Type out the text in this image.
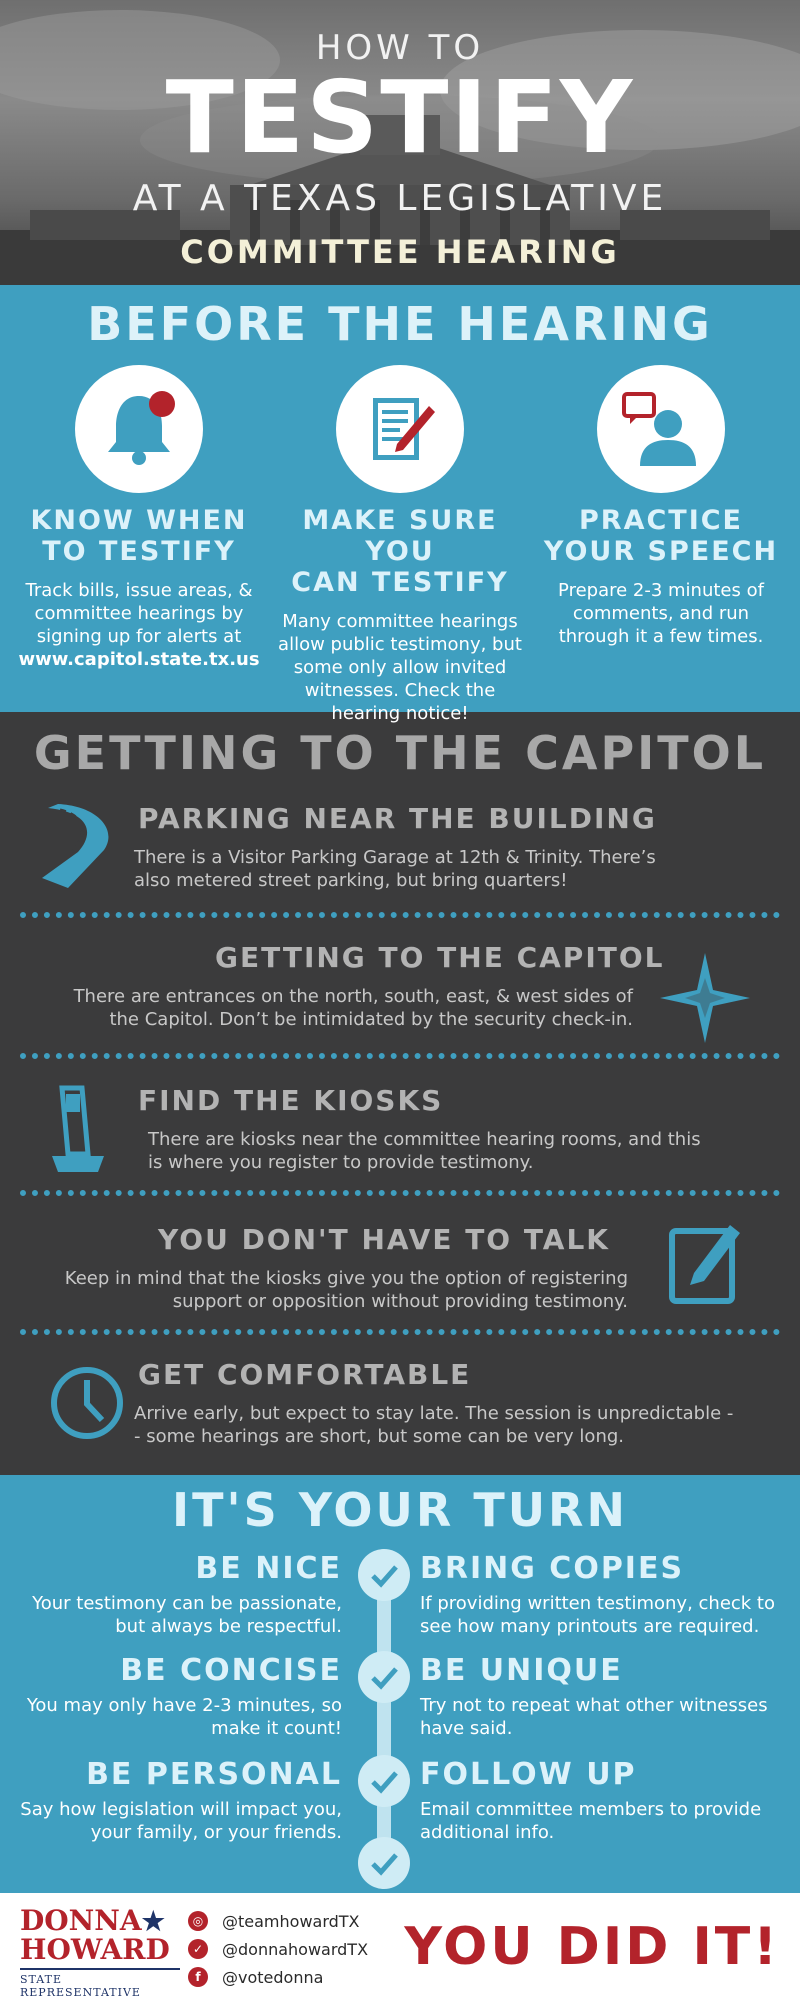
HOW TO
TESTIFY
AT A TEXAS LEGISLATIVE
COMMITTEE HEARING
BEFORE THE HEARING
KNOW WHEN
TO TESTIFY

Track bills, issue areas, & committee hearings by signing up for alerts at
www.capitol.state.tx.us

MAKE SURE YOU
CAN TESTIFY

Many committee hearings allow public testimony, but some only allow invited witnesses. Check the hearing notice!

PRACTICE
YOUR SPEECH

Prepare 2-3 minutes of comments, and run through it a few times.

GETTING TO THE CAPITOL
PARKING NEAR THE BUILDING

There is a Visitor Parking Garage at 12th & Trinity. There’s
also metered street parking, but bring quarters!

GETTING TO THE CAPITOL

There are entrances on the north, south, east, & west sides of
the Capitol. Don’t be intimidated by the security check-in.

FIND THE KIOSKS

There are kiosks near the committee hearing rooms, and this
is where you register to provide testimony.

YOU DON'T HAVE TO TALK

Keep in mind that the kiosks give you the option of registering
support or opposition without providing testimony.

GET COMFORTABLE

Arrive early, but expect to stay late. The session is unpredictable -
- some hearings are short, but some can be very long.

IT'S YOUR TURN
BE NICE

Your testimony can be passionate, but always be respectful.

BE CONCISE

You may only have 2-3 minutes, so make it count!

BE PERSONAL

Say how legislation will impact you, your family, or your friends.

BRING COPIES

If providing written testimony, check to see how many printouts are required.

BE UNIQUE

Try not to repeat what other witnesses have said.

FOLLOW UP

Email committee members to provide additional info.

DONNA★
HOWARD
STATE REPRESENTATIVE
◎ @teamhowardTX
✓	@donnahowardTX
f	@votedonna YOU DID IT!
